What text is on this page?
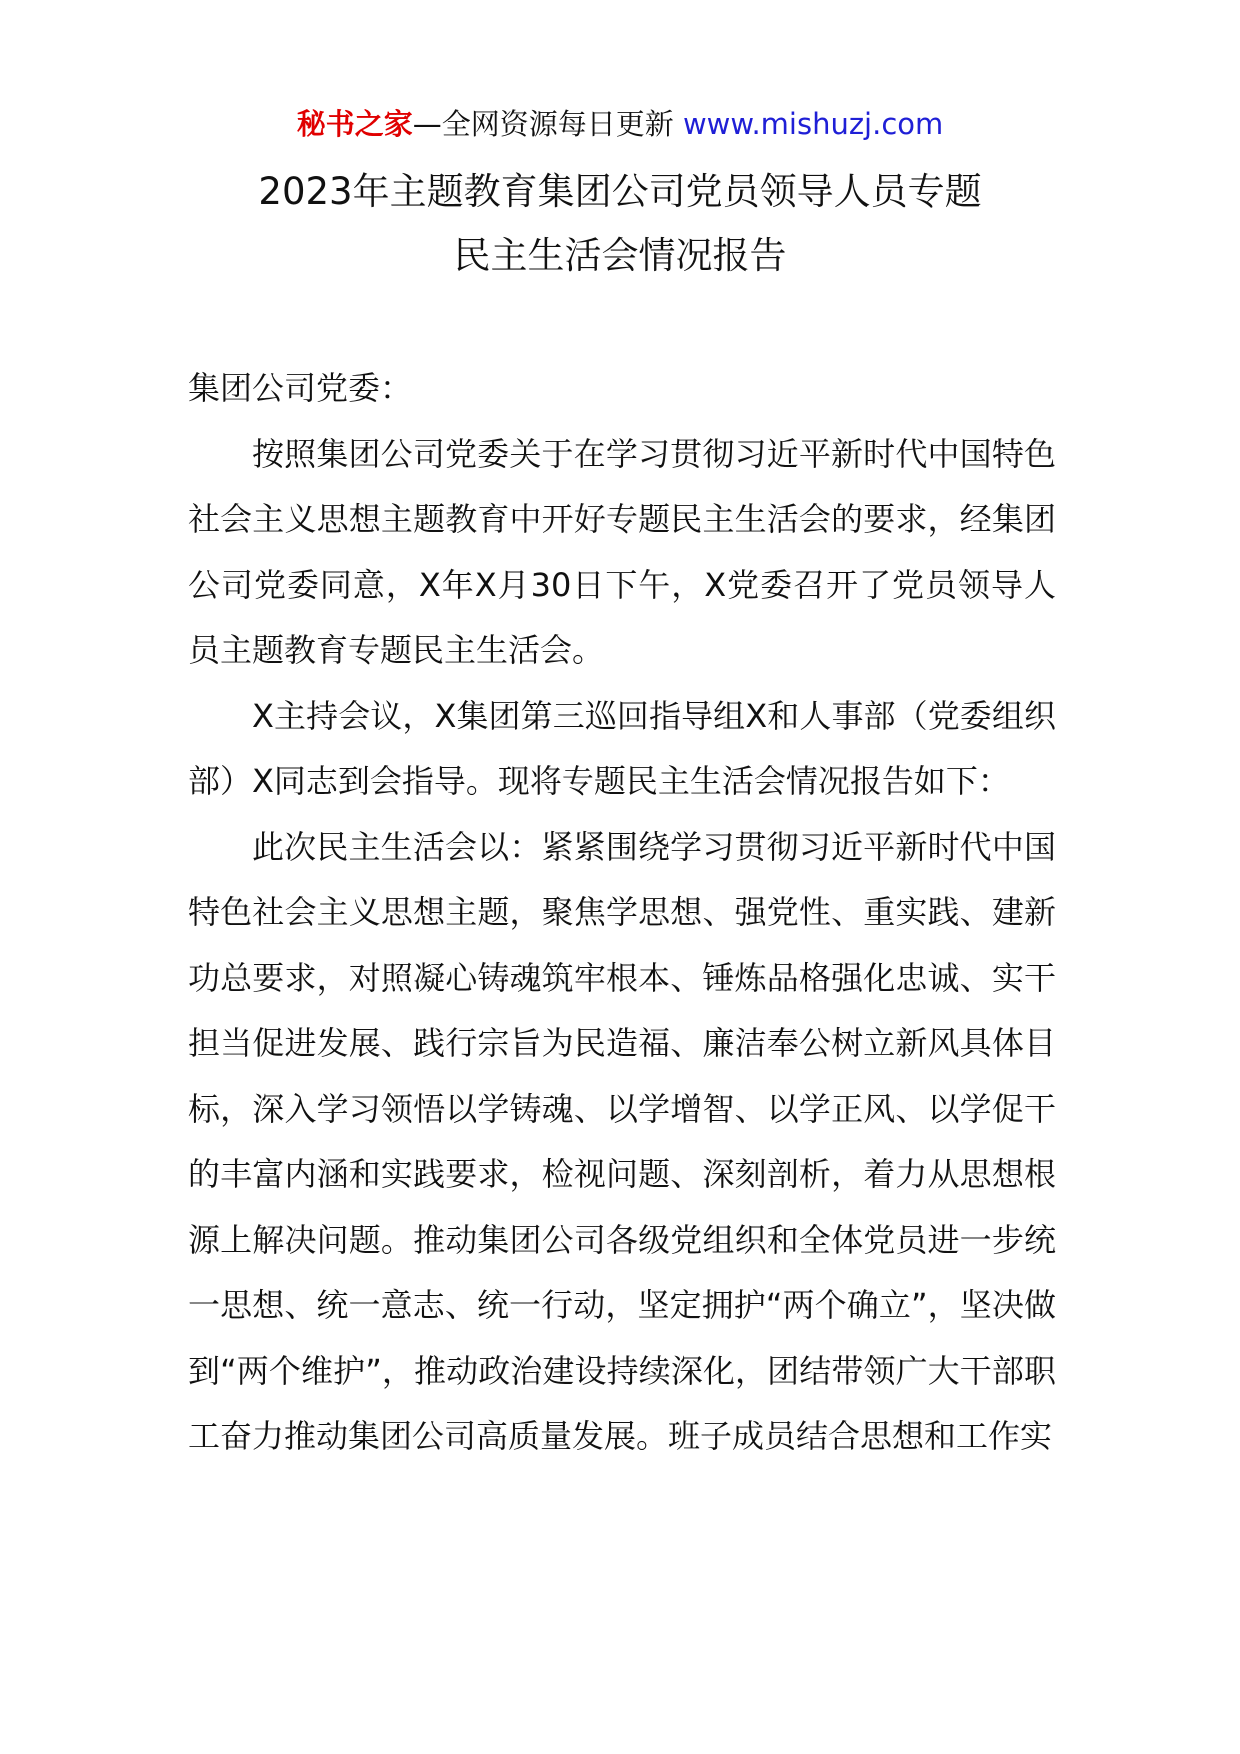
秘书之家—全网资源每日更新 www.mishuzj.com
2023年主题教育集团公司党员领导人员专题
民主生活会情况报告

集团公司党委：

按照集团公司党委关于在学习贯彻习近平新时代中国特色社会主义思想主题教育中开好专题民主生活会的要求，经集团公司党委同意，X年X月30日下午，X党委召开了党员领导人员主题教育专题民主生活会。

X主持会议，X集团第三巡回指导组X和人事部（党委组织部）X同志到会指导。现将专题民主生活会情况报告如下：

此次民主生活会以：紧紧围绕学习贯彻习近平新时代中国特色社会主义思想主题，聚焦学思想、强党性、重实践、建新功总要求，对照凝心铸魂筑牢根本、锤炼品格强化忠诚、实干担当促进发展、践行宗旨为民造福、廉洁奉公树立新风具体目标，深入学习领悟以学铸魂、以学增智、以学正风、以学促干的丰富内涵和实践要求，检视问题、深刻剖析，着力从思想根源上解决问题。推动集团公司各级党组织和全体党员进一步统一思想、统一意志、统一行动，坚定拥护“两个确立”，坚决做到“两个维护”，推动政治建设持续深化，团结带领广大干部职工奋力推动集团公司高质量发展。班子成员结合思想和工作实
